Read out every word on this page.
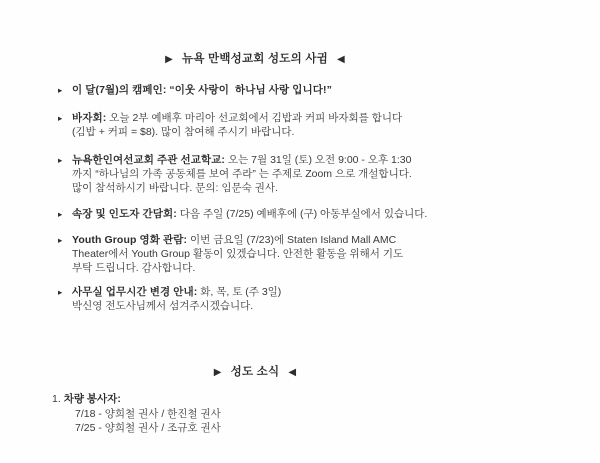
▶ 뉴욕 만백성교회 성도의 사귐 ◀
▸ 이 달(7월)의 캠페인: “이웃 사랑이  하나님 사랑 입니다!”
▸ 바자회: 오늘 2부 예배후 마리아 선교회에서 김밥과 커피 바자회를 합니다
(김밥 + 커피 = $8). 많이 참여해 주시기 바랍니다.
▸ 뉴욕한인여선교회 주관 선교학교: 오는 7월 31일 (토) 오전 9:00 - 오후 1:30
까지 “하나님의 가족 공동체를 보여 주라” 는 주제로 Zoom 으로 개설합니다.
많이 참석하시기 바랍니다. 문의: 임문숙 권사.
▸ 속장 및 인도자 간담회: 다음 주일 (7/25) 예배후에 (구) 아동부실에서 있습니다.
▸ Youth Group 영화 관람: 이번 금요일 (7/23)에 Staten Island Mall AMC
Theater에서 Youth Group 활동이 있겠습니다. 안전한 활동을 위해서 기도
부탁 드립니다. 감사합니다.
▸ 사무실 업무시간 변경 안내: 화, 목, 토 (주 3일)
박신영 전도사님께서 섬겨주시겠습니다.
▶ 성도 소식 ◀
1. 차량 봉사자:
7/18 - 양희철 권사 / 한진철 권사
7/25 - 양희철 권사 / 조규호 권사
